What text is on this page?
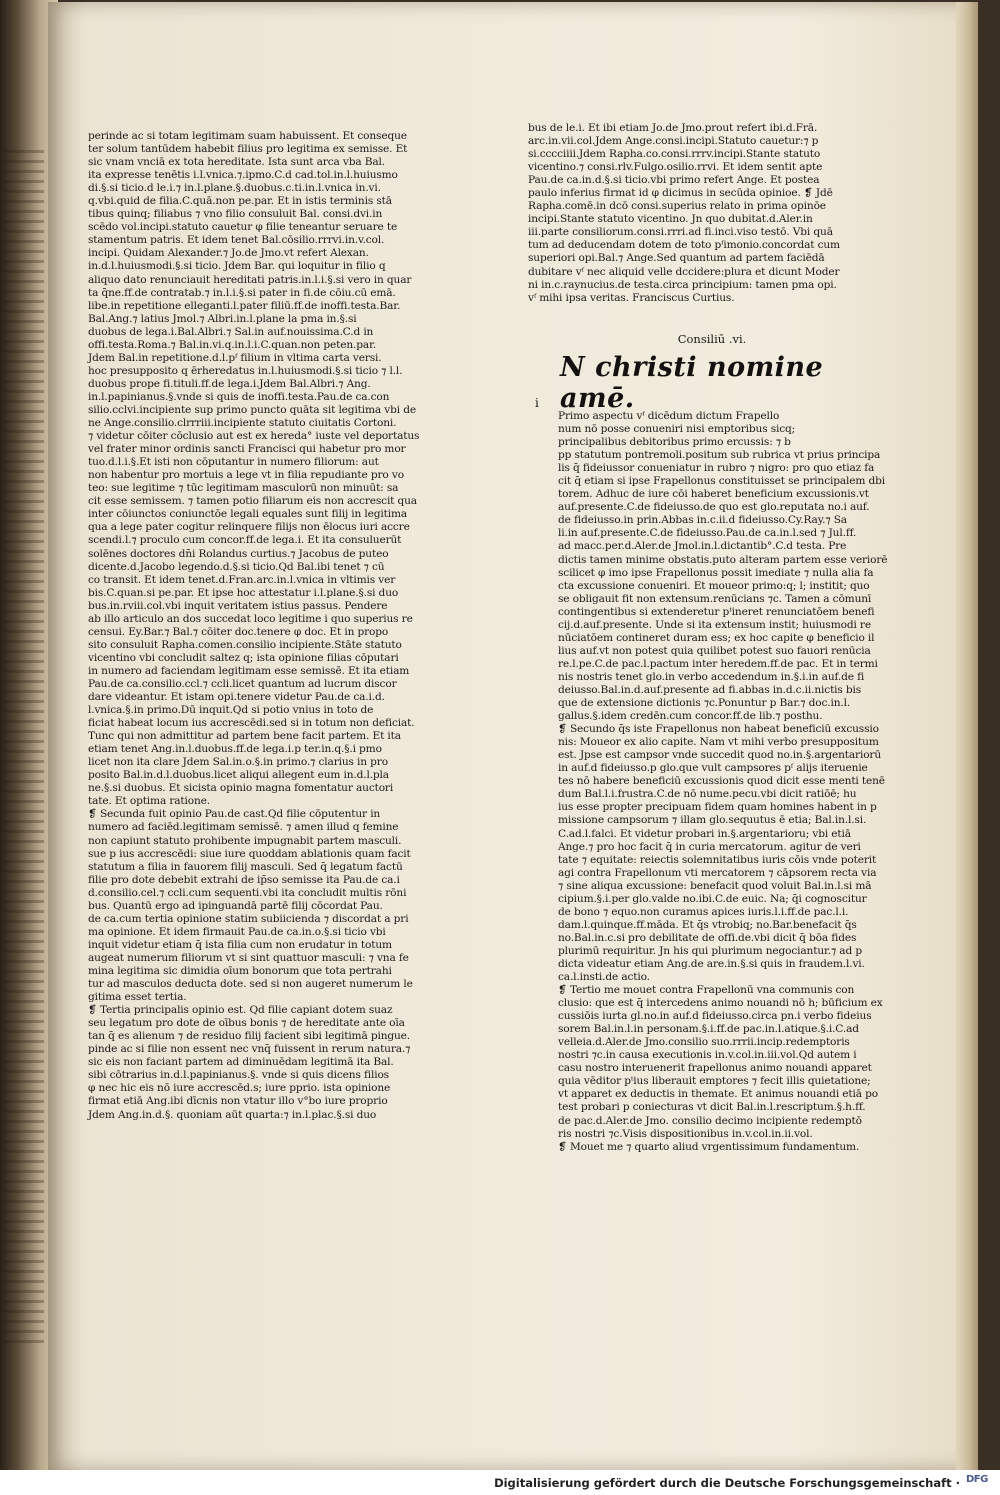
perinde ac si totam legitimam suam habuissent. Et conseque
ter solum tantūdem habebit filius pro legitima ex semisse. Et
sic vnam vnciā ex tota hereditate. Ista sunt arca vba Bal.
ita expresse tenētis i.l.vnica.⁊.ipmo.C.d cad.tol.in.l.huiusmo
di.§.si ticio.d le.i.⁊ in.l.plane.§.duobus.c.ti.in.l.vnica in.vi.
q.vbi.quid de filia.C.quā.non pe.par. Et in istis terminis stā
tibus quinq; filiabus ⁊ vno filio consuluit Bal. consi.dvi.in
scēdo vol.incipi.statuto cauetur φ filie teneantur seruare te
stamentum patris. Et idem tenet Bal.cōsilio.rrrvi.in.v.col.
incipi. Quidam Alexander.⁊ Jo.de Jmo.vt refert Alexan.
in.d.l.huiusmodi.§.si ticio. Jdem Bar. qui loquitur in filio q
aliquo dato renunciauit hereditati patris.in.l.i.§.si vero in quar
ta q̄ne.ff.de contratab.⁊ in.l.i.§.si pater in fi.de cōiu.cū emā.
libe.in repetitione elleganti.l.pater filiū.ff.de inoffi.testa.Bar.
Bal.Ang.⁊ latius Jmol.⁊ Albri.in.l.plane la pma in.§.si
duobus de lega.i.Bal.Albri.⁊ Sal.in auf.nouissima.C.d in
offi.testa.Roma.⁊ Bal.in.vi.q.in.l.i.C.quan.non peten.par.
Jdem Bal.in repetitione.d.l.pᶠ filium in vltima carta versi.
hoc presupposito q ērheredatus in.l.huiusmodi.§.si ticio ⁊ l.l.
duobus prope fi.tituli.ff.de lega.i.Jdem Bal.Albri.⁊ Ang.
in.l.papinianus.§.vnde si quis de inoffi.testa.Pau.de ca.con
silio.cclvi.incipiente sup primo puncto quāta sit legitima vbi de
ne Ange.consilio.clrrriii.incipiente statuto ciuitatis Cortoni.
⁊ videtur cōiter cōclusio aut est ex hereda° iuste vel deportatus
vel frater minor ordinis sancti Francisci qui habetur pro mor
tuo.d.l.i.§.Et isti non cōputantur in numero filiorum: aut
non habentur pro mortuis a lege vt in filia repudiante pro vo
teo: sue legitime ⁊ tūc legitimam masculorū non minuūt: sa
cit esse semissem. ⁊ tamen potio filiarum eis non accrescit qua
inter cōiunctos coniunctōe legali equales sunt filij in legitima
qua a lege pater cogitur relinquere filijs non ēlocus iuri accre
scendi.l.⁊ proculo cum concor.ff.de lega.i. Et ita consuluerūt
solēnes doctores dn̄i Rolandus curtius.⁊ Jacobus de puteo
dicente.d.Jacobo legendo.d.§.si ticio.Qd Bal.ibi tenet ⁊ cū
co transit. Et idem tenet.d.Fran.arc.in.l.vnica in vltimis ver
bis.C.quan.si pe.par. Et ipse hoc attestatur i.l.plane.§.si duo
bus.in.rviii.col.vbi inquit veritatem istius passus. Pendere
ab illo articulo an dos succedat loco legitime i quo superius re
censui. Ey.Bar.⁊ Bal.⁊ cōiter doc.tenere φ doc. Et in propo
sito consuluit Rapha.comen.consilio incipiente.Stāte statuto
vicentino vbi concludit saltez q; ista opinione filias cōputari
in numero ad faciendam legitimam esse semissē. Et ita etiam
Pau.de ca.consilio.ccl.⁊ ccli.licet quantum ad lucrum discor
dare videantur. Et istam opi.tenere videtur Pau.de ca.i.d.
l.vnica.§.in primo.Dū inquit.Qd si potio vnius in toto de
ficiat habeat locum ius accrescēdi.sed si in totum non deficiat.
Tunc qui non admittitur ad partem bene facit partem. Et ita
etiam tenet Ang.in.l.duobus.ff.de lega.i.p ter.in.q.§.i pmo
licet non ita clare Jdem Sal.in.o.§.in primo.⁊ clarius in pro
posito Bal.in.d.l.duobus.licet aliqui allegent eum in.d.l.pla
ne.§.si duobus. Et sicista opinio magna fomentatur auctori
tate. Et optima ratione.
❡ Secunda fuit opinio Pau.de cast.Qd filie cōputentur in
numero ad faciēd.legitimam semissē. ⁊ amen illud q femine
non capiunt statuto prohibente impugnabit partem masculi.
sue p ius accrescēdi: siue iure quoddam ablationis quam facit
statutum a filia in fauorem filij masculi. Sed q̄ legatum factū
filie pro dote debebit extrahi de ip̄so semisse ita Pau.de ca.i
d.consilio.cel.⁊ ccli.cum sequenti.vbi ita concludit multis rōni
bus. Quantū ergo ad ipinguandā partē filij cōcordat Pau.
de ca.cum tertia opinione statim subiicienda ⁊ discordat a pri
ma opinione. Et idem firmauit Pau.de ca.in.o.§.si ticio vbi
inquit videtur etiam q̄ ista filia cum non erudatur in totum
augeat numerum filiorum vt si sint quattuor masculi: ⁊ vna fe
mina legitima sic dimidia oīum bonorum que tota pertrahi
tur ad masculos deducta dote. sed si non augeret numerum le
gitima esset tertia.
❡ Tertia principalis opinio est. Qd filie capiant dotem suaz
seu legatum pro dote de oībus bonis ⁊ de hereditate ante oīa
tan q̄ es alienum ⁊ de residuo filij facient sibi legitimā pingue.
pinde ac si filie non essent nec vnq̄ fuissent in rerum natura.⁊
sic eis non faciant partem ad diminuēdam legitimā ita Bal.
sibi cōtrarius in.d.l.papinianus.§. vnde si quis dicens filios
φ nec hic eis nō iure accrescēd.s; iure pprio. ista opinione
firmat etiā Ang.ibi dīcnis non vtatur illo v°bo iure proprio
Jdem Ang.in.d.§. quoniam aūt quarta:⁊ in.l.plac.§.si duo
bus de le.i. Et ibi etiam Jo.de Jmo.prout refert ibi.d.Frā.
arc.in.vii.col.Jdem Ange.consi.incipi.Statuto cauetur:⁊ p
si.cccciiii.Jdem Rapha.co.consi.rrrv.incipi.Stante statuto
vicentino.⁊ consi.rlv.Fulgo.osilio.rrvi. Et idem sentit apte
Pau.de ca.in.d.§.si ticio.vbi primo refert Ange. Et postea
paulo inferius firmat id φ dicimus in secūda opinioe. ❡ Jdē
Rapha.comē.in dcō consi.superius relato in prima opinōe
incipi.Stante statuto vicentino. Jn quo dubitat.d.Aler.in
iii.parte consiliorum.consi.rrri.ad fi.inci.viso testō. Vbi quā
tum ad deducendam dotem de toto pᶠimonio.concordat cum
superiori opi.Bal.⁊ Ange.Sed quantum ad partem faciēdā
dubitare vᶠ nec aliquid velle dccidere:plura et dicunt Moder
ni in.c.raynucius.de testa.circa principium: tamen pma opi.
vᶠ mihi ipsa veritas. Franciscus Curtius.
Consiliū .vi.
N christi nomine amē.
i
Primo aspectu vᶠ dicēdum dictum Frapello
num nō posse conueniri nisi emptoribus sicq;
principalibus debitoribus primo ercussis: ⁊ b
pp statutum pontremoli.positum sub rubrica vt prius principa
lis q̄ fideiussor conueniatur in rubro ⁊ nigro: pro quo etiaz fa
cit q̄ etiam si ipse Frapellonus constituisset se principalem dbi
torem. Adhuc de iure cōi haberet beneficium excussionis.vt
auf.presente.C.de fideiusso.de quo est glo.reputata no.i auf.
de fideiusso.in prin.Abbas in.c.ii.d fideiusso.Cy.Ray.⁊ Sa
li.in auf.presente.C.de fideiusso.Pau.de ca.in.l.sed ⁊ Jul.ff.
ad macc.per.d.Aler.de Jmol.in.l.dictantib°.C.d testa. Pre
dictis tamen minime obstatis.puto alteram partem esse veriorē
scilicet φ imo ipse Frapellonus possit imediate ⁊ nulla alia fa
cta excussione conueniri. Et moueor primo:q; l; institit; quo
se obligauit fit non extensum.renūcians ⁊c. Tamen a cōmunī
contingentibus si extenderetur pᵗineret renunciatōem benefi
cij.d.auf.presente. Unde si ita extensum instit; huiusmodi re
nūciatōem contineret duram ess; ex hoc capite φ beneficio il
lius auf.vt non potest quia quilibet potest suo fauori renūcia
re.l.pe.C.de pac.l.pactum inter heredem.ff.de pac. Et in termi
nis nostris tenet glo.in verbo accedendum in.§.i.in auf.de fi
deiusso.Bal.in.d.auf.presente ad fi.abbas in.d.c.ii.nictis bis
que de extensione dictionis ⁊c.Ponuntur p Bar.⁊ doc.in.l.
gallus.§.idem credēn.cum concor.ff.de lib.⁊ posthu.
❡ Secundo q̄s iste Frapellonus non habeat beneficiū excussio
nis: Moueor ex alio capite. Nam vt mihi verbo presuppositum
est. Jpse est campsor vnde succedit quod no.in.§.argentariorū
in auf.d fideiusso.p glo.que vult campsores pᶠ alijs iteruenie
tes nō habere beneficiū excussionis quod dicit esse menti tenē
dum Bal.l.i.frustra.C.de nō nume.pecu.vbi dicit ratiōē; hu
ius esse propter precipuam fidem quam homines habent in p
missione campsorum ⁊ illam glo.sequutus ē etia; Bal.in.l.si.
C.ad.l.falci. Et videtur probari in.§.argentarioru; vbi etiā
Ange.⁊ pro hoc facit q̄ in curia mercatorum. agitur de veri
tate ⁊ equitate: reiectis solemnitatibus iuris cōis vnde poterit
agi contra Frapellonum vti mercatorem ⁊ cāpsorem recta via
⁊ sine aliqua excussione: benefacit quod voluit Bal.in.l.si mā
cipium.§.i.per glo.valde no.ibi.C.de euic. Na; q̄i cognoscitur
de bono ⁊ equo.non curamus apices iuris.l.i.ff.de pac.l.i.
dam.l.quinque.ff.māda. Et q̄s vtrobiq; no.Bar.benefacit q̄s
no.Bal.in.c.si pro debilitate de offi.de.vbi dicit q̄ bōa fides
plurimū requiritur. Jn his qui plurimum negociantur.⁊ ad p
dicta videatur etiam Ang.de are.in.§.si quis in fraudem.l.vi.
ca.l.insti.de actio.
❡ Tertio me mouet contra Frapellonū vna communis con
clusio: que est q̄ intercedens animo nouandi nō h; būficium ex
cussiōis iurta gl.no.in auf.d fideiusso.circa pn.i verbo fideius
sorem Bal.in.l.in personam.§.i.ff.de pac.in.l.atique.§.i.C.ad
velleia.d.Aler.de Jmo.consilio suo.rrrii.incip.redemptoris
nostri ⁊c.in causa executionis in.v.col.in.iii.vol.Qd autem i
casu nostro interuenerit frapellonus animo nouandi apparet
quia vēditor pᵗius liberauit emptores ⁊ fecit illis quietatione;
vt apparet ex deductis in themate. Et animus nouandi etiā po
test probari p coniecturas vt dicit Bal.in.l.rescriptum.§.h.ff.
de pac.d.Aler.de Jmo. consilio decimo incipiente redemptō
ris nostri ⁊c.Visis dispositionibus in.v.col.in.ii.vol.
❡ Mouet me ⁊ quarto aliud vrgentissimum fundamentum.
Digitalisierung gefördert durch die Deutsche Forschungsgemeinschaft · DFG
